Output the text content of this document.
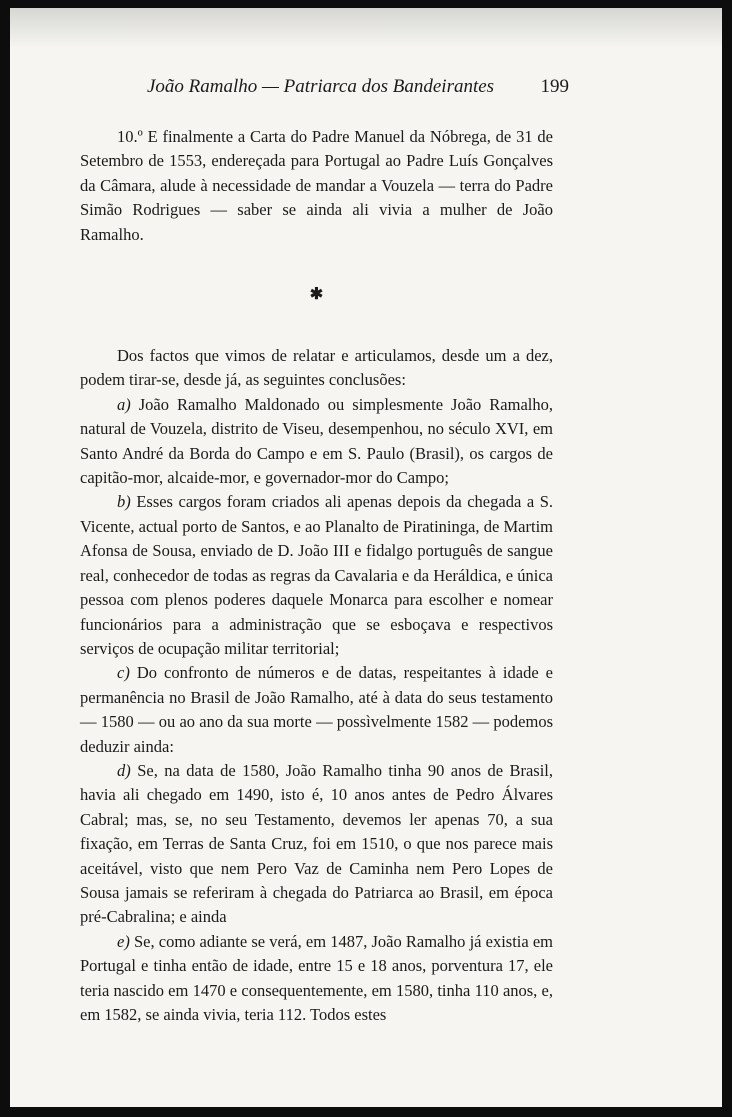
João Ramalho — Patriarca dos Bandeirantes 199

10.º E finalmente a Carta do Padre Manuel da Nóbrega, de 31 de Setembro de 1553, endereçada para Portugal ao Padre Luís Gonçalves da Câmara, alude à necessidade de mandar a Vouzela — terra do Padre Simão Rodrigues — saber se ainda ali vivia a mulher de João Ramalho.

✱

Dos factos que vimos de relatar e articulamos, desde um a dez, podem tirar-se, desde já, as seguintes conclusões:

a) João Ramalho Maldonado ou simplesmente João Ramalho, natural de Vouzela, distrito de Viseu, desempenhou, no século XVI, em Santo André da Borda do Campo e em S. Paulo (Brasil), os cargos de capitão-mor, alcaide-mor, e governador-mor do Campo;

b) Esses cargos foram criados ali apenas depois da chegada a S. Vicente, actual porto de Santos, e ao Planalto de Piratininga, de Martim Afonsa de Sousa, enviado de D. João III e fidalgo português de sangue real, conhecedor de todas as regras da Cavalaria e da Heráldica, e única pessoa com plenos poderes daquele Monarca para escolher e nomear funcionários para a administração que se esboçava e respectivos serviços de ocupação militar territorial;

c) Do confronto de números e de datas, respeitantes à idade e permanência no Brasil de João Ramalho, até à data do seus testamento — 1580 — ou ao ano da sua morte — possìvelmente 1582 — podemos deduzir ainda:

d) Se, na data de 1580, João Ramalho tinha 90 anos de Brasil, havia ali chegado em 1490, isto é, 10 anos antes de Pedro Álvares Cabral; mas, se, no seu Testamento, devemos ler apenas 70, a sua fixação, em Terras de Santa Cruz, foi em 1510, o que nos parece mais aceitável, visto que nem Pero Vaz de Caminha nem Pero Lopes de Sousa jamais se referiram à chegada do Patriarca ao Brasil, em época pré-Cabralina; e ainda

e) Se, como adiante se verá, em 1487, João Ramalho já existia em Portugal e tinha então de idade, entre 15 e 18 anos, porventura 17, ele teria nascido em 1470 e consequentemente, em 1580, tinha 110 anos, e, em 1582, se ainda vivia, teria 112. Todos estes
